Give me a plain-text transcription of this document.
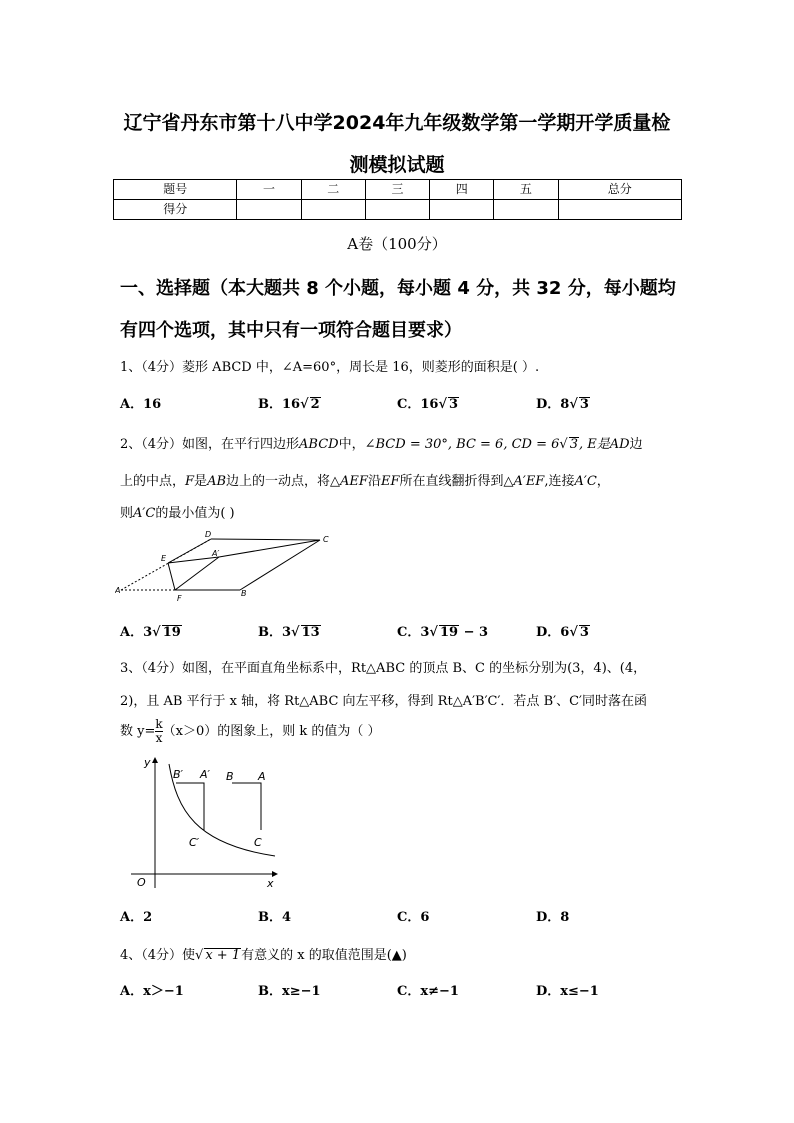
辽宁省丹东市第十八中学2024年九年级数学第一学期开学质量检
测模拟试题
题号	一	二	三	四	五	总分
得分						
A卷（100分）
一、选择题（本大题共 8 个小题，每小题 4 分，共 32 分，每小题均
有四个选项，其中只有一项符合题目要求）
1、（4分）菱形 ABCD 中，∠A=60°，周长是 16，则菱形的面积是( ）.
A．16	B．16√ 2	C．16√ 3	D．8√ 3
2、（4分）如图，在平行四边形ABCD中，∠BCD = 30°, BC = 6, CD = 6√ 3, E是AD边
上的中点，F是AB边上的一动点，将△AEF沿EF所在直线翻折得到△A′EF,连接A′C，
则A′C的最小值为( )
D
C
E
A′
A
F
B
A．3√ 19	B．3√ 13	C．3√ 19 − 3	D．6√ 3
3、（4分）如图，在平面直角坐标系中，Rt△ABC 的顶点 B、C 的坐标分别为(3，4)、(4，
2)，且 AB 平行于 x 轴，将 Rt△ABC 向左平移，得到 Rt△A′B′C′．若点 B′、C′同时落在函
数 $y= \frac{k}{x} (x>0)$的图象上，则 k 的值为（ ）
y
x
O
B′ A′ B A
C′	C
A．2	B．4	C．6	D．8
4、（4分）使√ x + 1有意义的 x 的取值范围是(▲)
A．x＞−1	B．x≥−1	C．x≠−1	D．x≤−1
